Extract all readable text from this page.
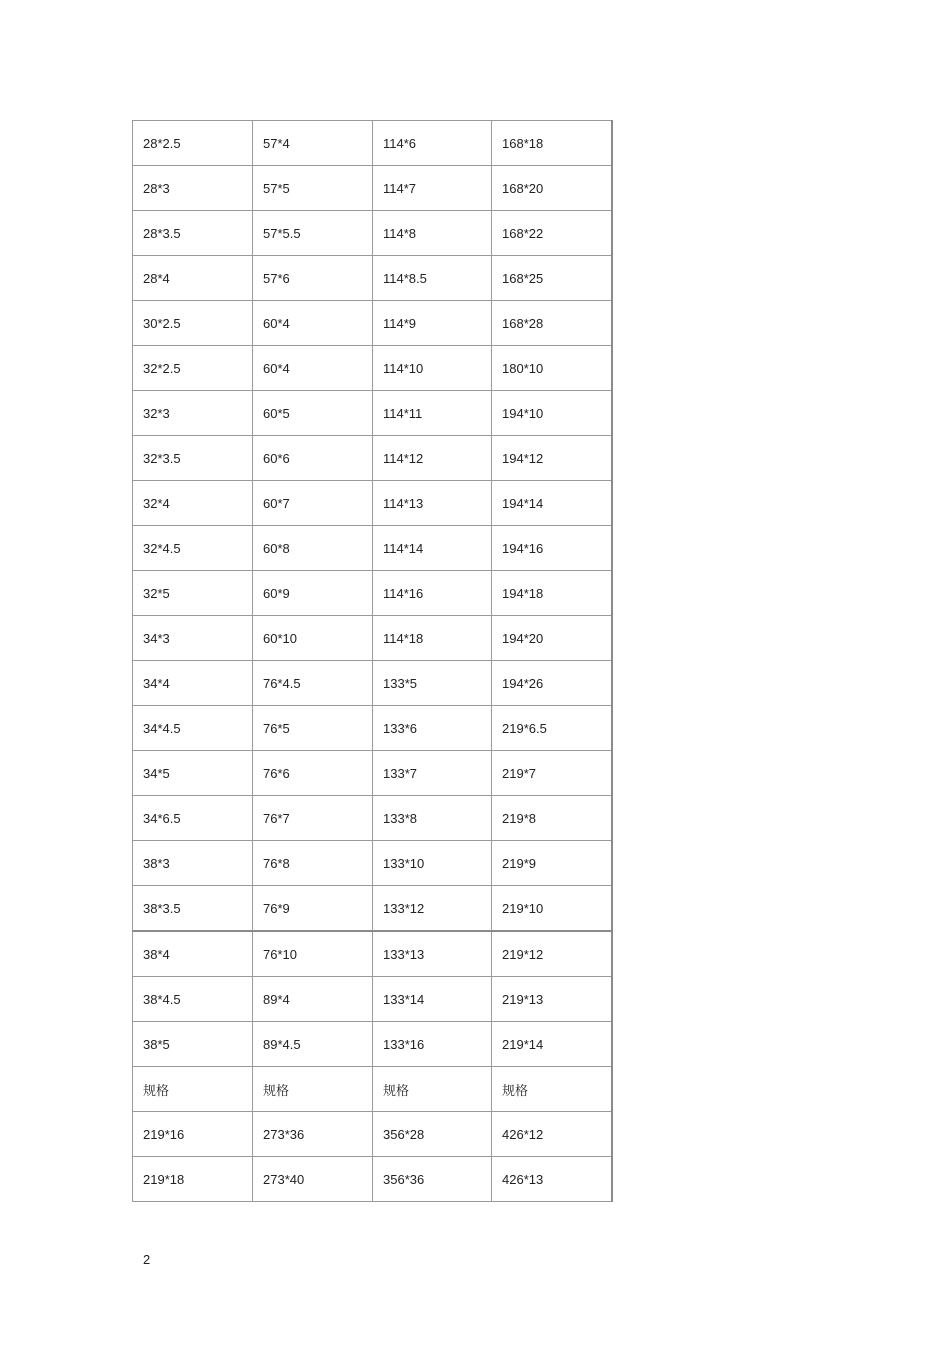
28*2.5	57*4	114*6	168*18
28*3	57*5	114*7	168*20
28*3.5	57*5.5	114*8	168*22
28*4	57*6	114*8.5	168*25
30*2.5	60*4	114*9	168*28
32*2.5	60*4	114*10	180*10
32*3	60*5	114*11	194*10
32*3.5	60*6	114*12	194*12
32*4	60*7	114*13	194*14
32*4.5	60*8	114*14	194*16
32*5	60*9	114*16	194*18
34*3	60*10	114*18	194*20
34*4	76*4.5	133*5	194*26
34*4.5	76*5	133*6	219*6.5
34*5	76*6	133*7	219*7
34*6.5	76*7	133*8	219*8
38*3	76*8	133*10	219*9
38*3.5	76*9	133*12	219*10
38*4	76*10	133*13	219*12
38*4.5	89*4	133*14	219*13
38*5	89*4.5	133*16	219*14
规格	规格	规格	规格
219*16	273*36	356*28	426*12
219*18	273*40	356*36	426*13
2
